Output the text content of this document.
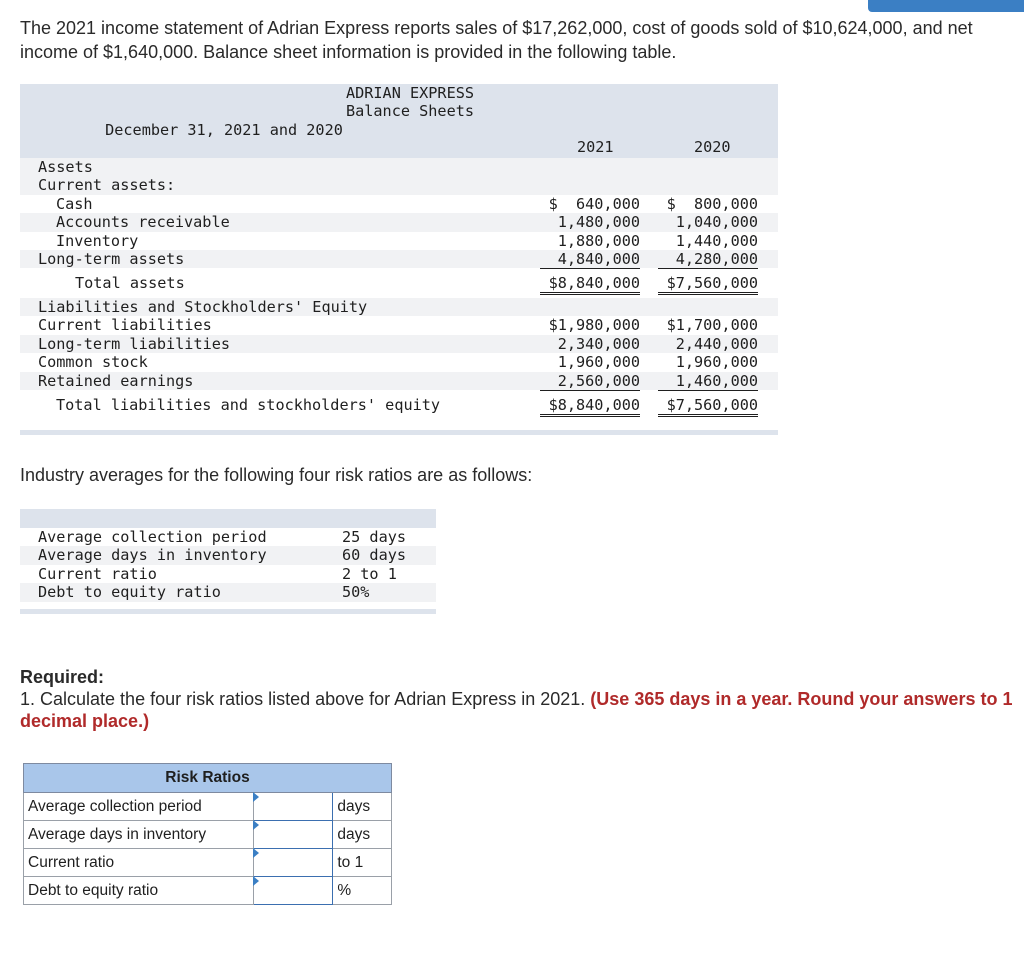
The 2021 income statement of Adrian Express reports sales of $17,262,000, cost of goods sold of $10,624,000, and net income of $1,640,000. Balance sheet information is provided in the following table.
ADRIAN EXPRESS
Balance Sheets
December 31, 2021 and 2020
2021	2020
Assets
Current assets:
Cash	$  640,000	$  800,000
Accounts receivable	1,480,000	1,040,000
Inventory	1,880,000	1,440,000
Long-term assets	4,840,000	4,280,000
Total assets	$8,840,000	$7,560,000
Liabilities and Stockholders' Equity
Current liabilities	$1,980,000	$1,700,000
Long-term liabilities	2,340,000	2,440,000
Common stock	1,960,000	1,960,000
Retained earnings	2,560,000	1,460,000
Total liabilities and stockholders' equity	$8,840,000	$7,560,000
Industry averages for the following four risk ratios are as follows:
Average collection period	25 days
Average days in inventory	60 days
Current ratio	2 to 1
Debt to equity ratio	50%
Required:
1. Calculate the four risk ratios listed above for Adrian Express in 2021. (Use 365 days in a year. Round your answers to 1 decimal place.)
Risk Ratios		
Average collection period		days
Average days in inventory		days
Current ratio		to 1
Debt to equity ratio		%
